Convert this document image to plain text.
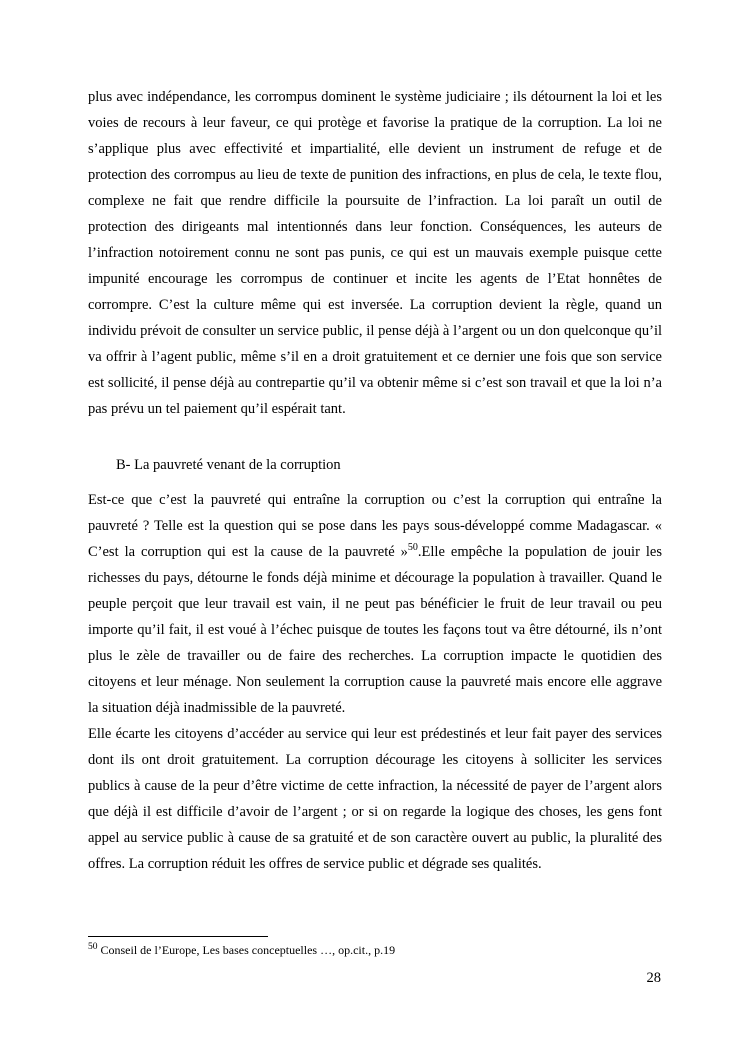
plus avec indépendance, les corrompus dominent le système judiciaire ; ils détournent la loi et les voies de recours à leur faveur, ce qui protège et favorise la pratique de la corruption. La loi ne s’applique plus avec effectivité et impartialité, elle devient un instrument de refuge et de protection des corrompus au lieu de texte de punition des infractions, en plus de cela, le texte flou, complexe ne fait que rendre difficile la poursuite de l’infraction. La loi paraît un outil de protection des dirigeants mal intentionnés dans leur fonction. Conséquences, les auteurs de l’infraction notoirement connu ne sont pas punis, ce qui est un mauvais exemple puisque cette impunité encourage les corrompus de continuer et incite les agents de l’Etat honnêtes de corrompre. C’est la culture même qui est inversée. La corruption devient la règle, quand un individu prévoit de consulter un service public, il pense déjà à l’argent ou un don quelconque qu’il va offrir à l’agent public, même s’il en a droit gratuitement et ce dernier une fois que son service est sollicité, il pense déjà au contrepartie qu’il va obtenir même si c’est son travail et que la loi n’a pas prévu un tel paiement qu’il espérait tant.

B- La pauvreté venant de la corruption

Est-ce que c’est la pauvreté qui entraîne la corruption ou c’est la corruption qui entraîne la pauvreté ? Telle est la question qui se pose dans les pays sous-développé comme Madagascar. « C’est la corruption qui est la cause de la pauvreté »$^{50}$.Elle empêche la population de jouir les richesses du pays, détourne le fonds déjà minime et décourage la population à travailler. Quand le peuple perçoit que leur travail est vain, il ne peut pas bénéficier le fruit de leur travail ou peu importe qu’il fait, il est voué à l’échec puisque de toutes les façons tout va être détourné, ils n’ont plus le zèle de travailler ou de faire des recherches. La corruption impacte le quotidien des citoyens et leur ménage. Non seulement la corruption cause la pauvreté mais encore elle aggrave la situation déjà inadmissible de la pauvreté.

Elle écarte les citoyens d’accéder au service qui leur est prédestinés et leur fait payer des services dont ils ont droit gratuitement. La corruption décourage les citoyens à solliciter les services publics à cause de la peur d’être victime de cette infraction, la nécessité de payer de l’argent alors que déjà il est difficile d’avoir de l’argent ; or si on regarde la logique des choses, les gens font appel au service public à cause de sa gratuité et de son caractère ouvert au public, la pluralité des offres. La corruption réduit les offres de service public et dégrade ses qualités.

$^{50}$ Conseil de l’Europe, Les bases conceptuelles …, op.cit., p.19
28
